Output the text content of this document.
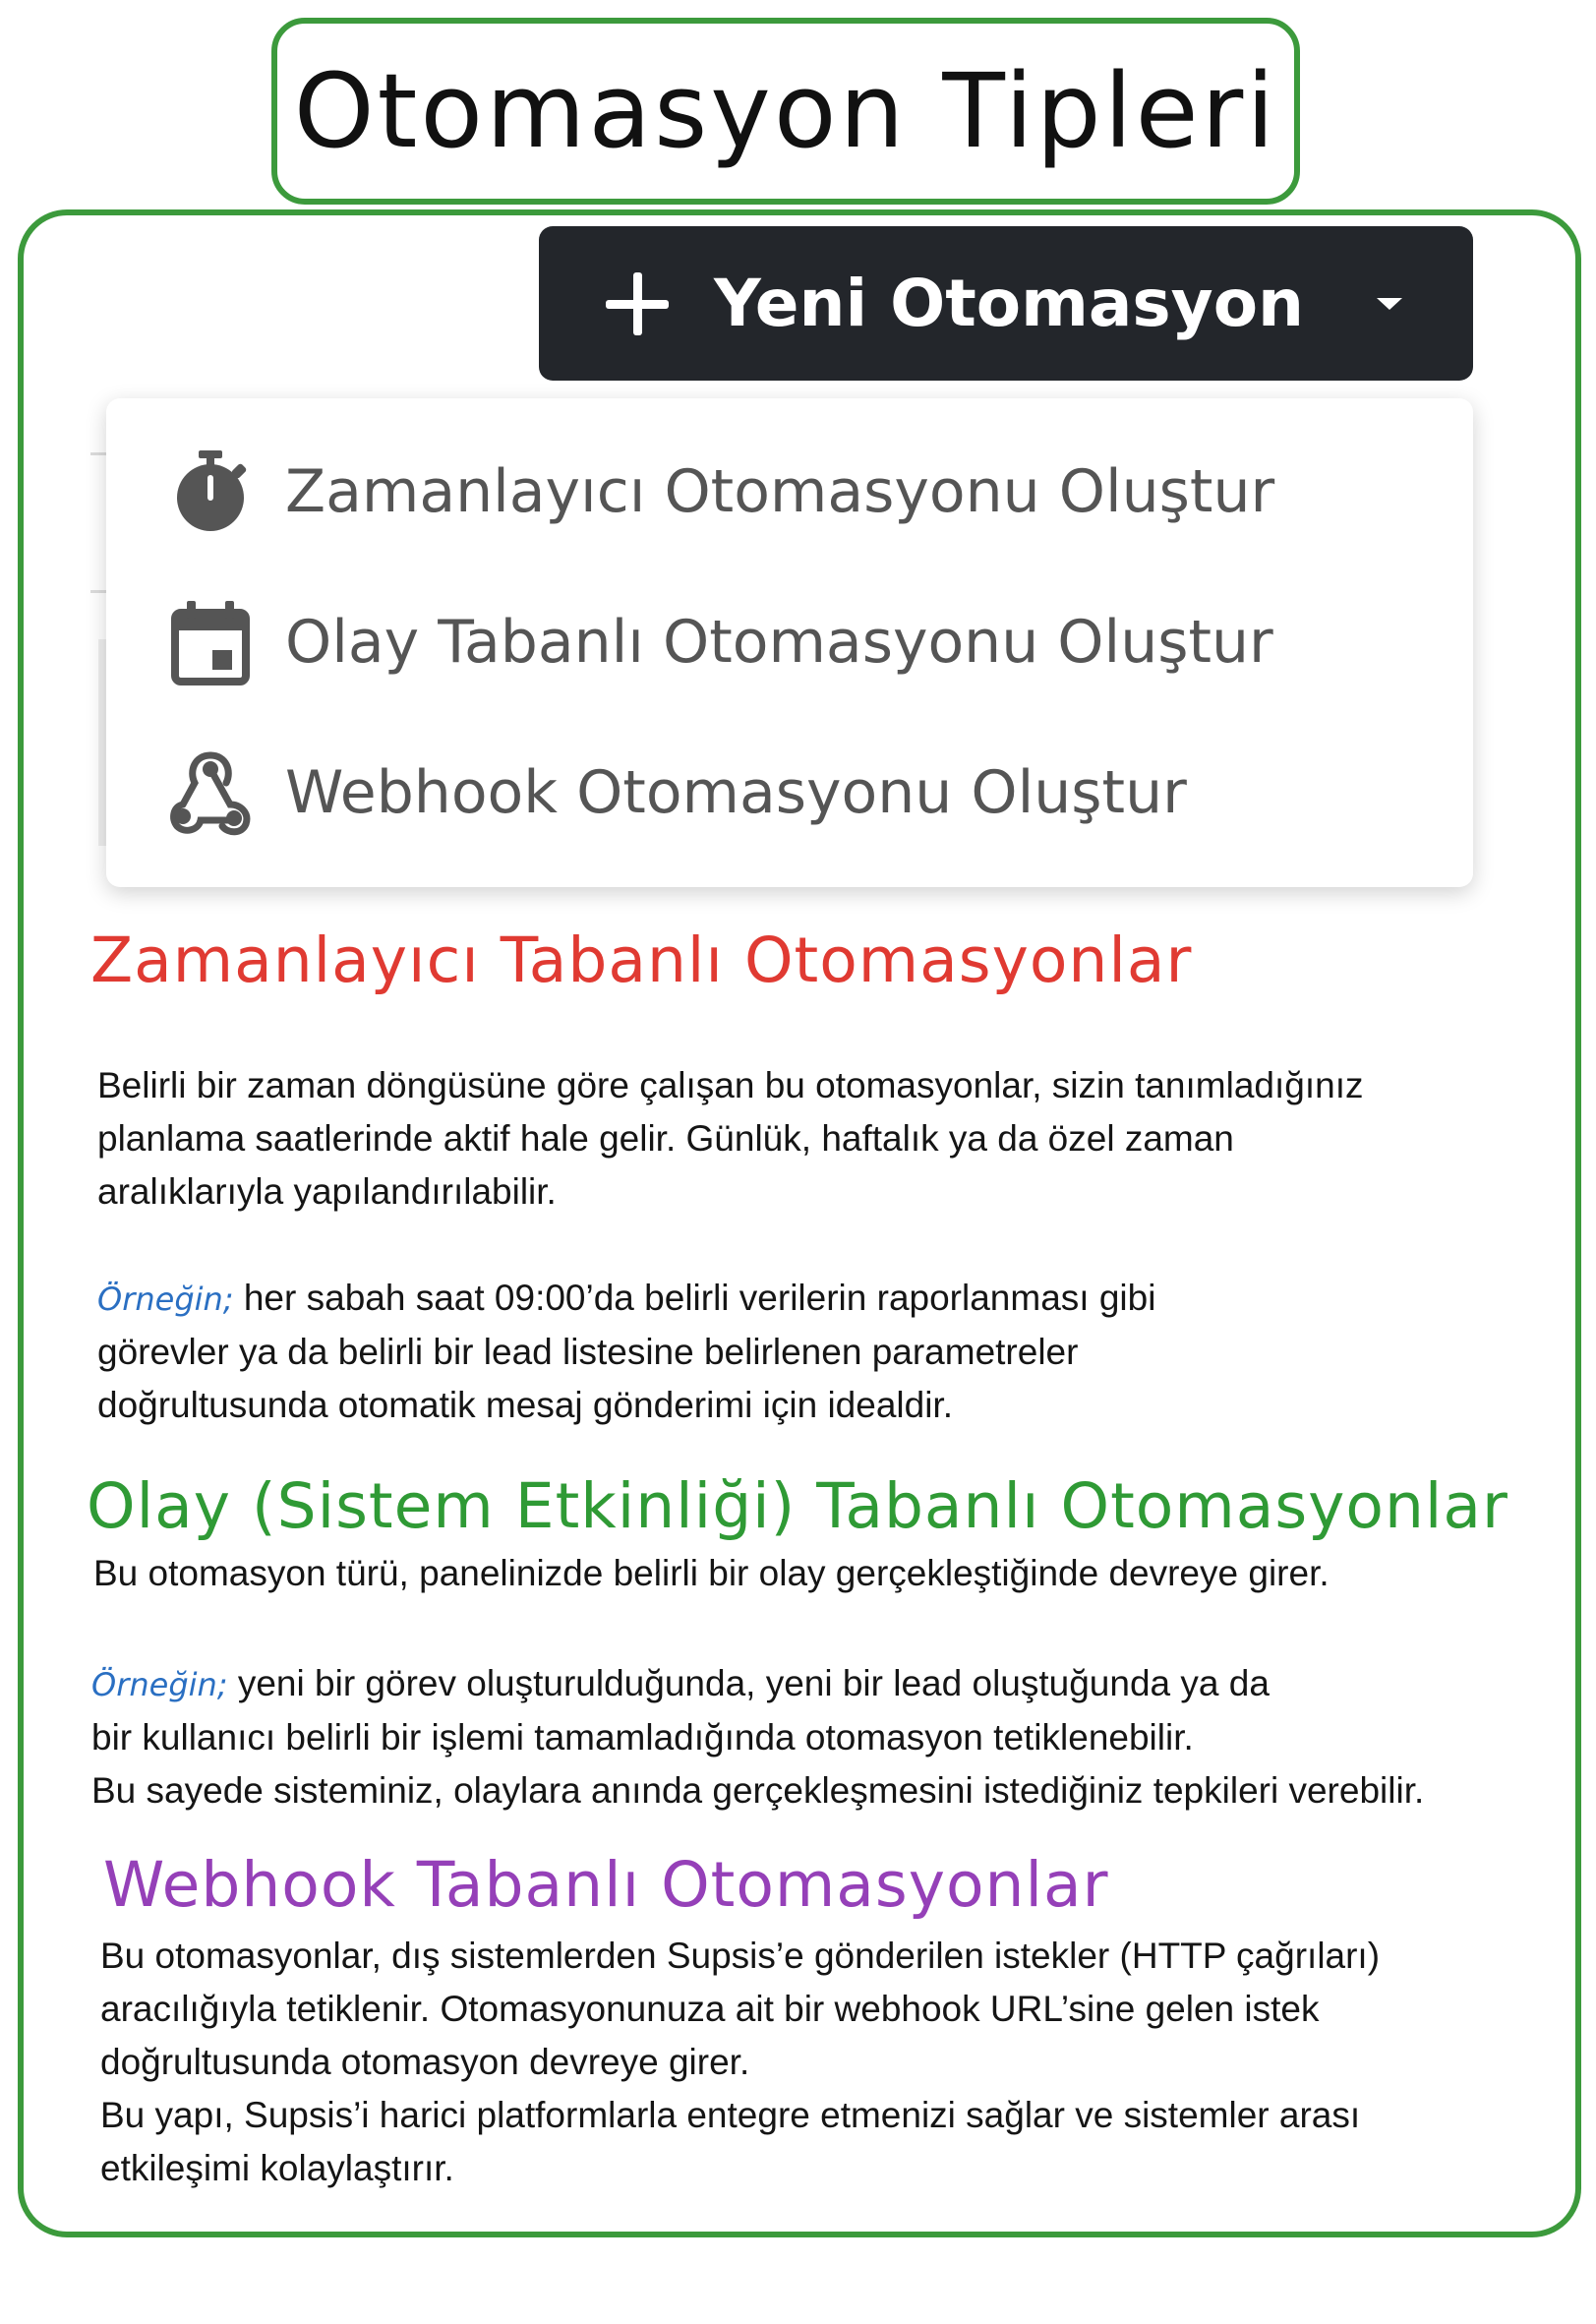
Otomasyon Tipleri
Yeni Otomasyon
Zamanlayıcı Otomasyonu Oluştur
Olay Tabanlı Otomasyonu Oluştur
Webhook Otomasyonu Oluştur
Zamanlayıcı Tabanlı Otomasyonlar

Belirli bir zaman döngüsüne göre çalışan bu otomasyonlar, sizin tanımladığınız

planlama saatlerinde aktif hale gelir. Günlük, haftalık ya da özel zaman

aralıklarıyla yapılandırılabilir.

Örneğin; her sabah saat 09:00’da belirli verilerin raporlanması gibi

görevler ya da belirli bir lead listesine belirlenen parametreler

doğrultusunda otomatik mesaj gönderimi için idealdir.

Olay (Sistem Etkinliği) Tabanlı Otomasyonlar

Bu otomasyon türü, panelinizde belirli bir olay gerçekleştiğinde devreye girer.

Örneğin; yeni bir görev oluşturulduğunda, yeni bir lead oluştuğunda ya da

bir kullanıcı belirli bir işlemi tamamladığında otomasyon tetiklenebilir.

Bu sayede sisteminiz, olaylara anında gerçekleşmesini istediğiniz tepkileri verebilir.

Webhook Tabanlı Otomasyonlar

Bu otomasyonlar, dış sistemlerden Supsis’e gönderilen istekler (HTTP çağrıları)

aracılığıyla tetiklenir. Otomasyonunuza ait bir webhook URL’sine gelen istek

doğrultusunda otomasyon devreye girer.

Bu yapı, Supsis’i harici platformlarla entegre etmenizi sağlar ve sistemler arası

etkileşimi kolaylaştırır.
